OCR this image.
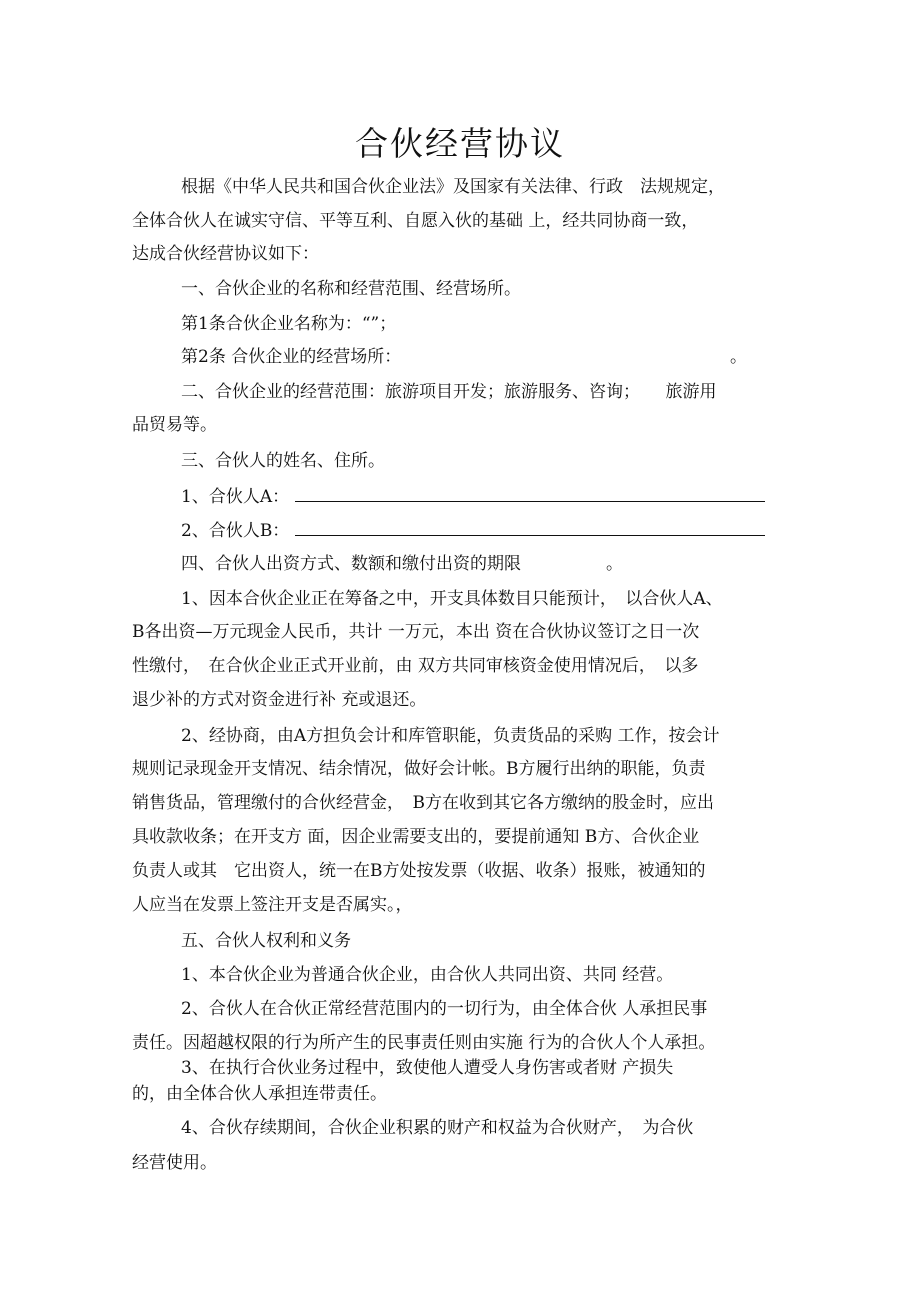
合伙经营协议
根据《中华人民共和国合伙企业法》及国家有关法律、行政　法规规定，
全体合伙人在诚实守信、平等互利、自愿入伙的基础 上，经共同协商一致，
达成合伙经营协议如下：
一、合伙企业的名称和经营范围、经营场所。
第1条合伙企业名称为：“”；
第2条 合伙企业的经营场所：	。
二、合伙企业的经营范围：旅游项目开发；旅游服务、咨询；　　旅游用
品贸易等。
三、合伙人的姓名、住所。
1、合伙人A：
2、合伙人B：
四、合伙人出资方式、数额和缴付出资的期限　　　　　。
1、因本合伙企业正在筹备之中，开支具体数目只能预计，　以合伙人A、
B各出资—万元现金人民币，共计 一万元，本出 资在合伙协议签订之日一次
性缴付，　在合伙企业正式开业前，由 双方共同审核资金使用情况后，　以多
退少补的方式对资金进行补 充或退还。
2、经协商，由A方担负会计和库管职能，负责货品的采购 工作，按会计
规则记录现金开支情况、结余情况，做好会计帐。B方履行出纳的职能，负责
销售货品，管理缴付的合伙经营金，　B方在收到其它各方缴纳的股金时，应出
具收款收条；在开支方 面，因企业需要支出的，要提前通知 B方、合伙企业
负责人或其　它出资人，统一在B方处按发票（收据、收条）报账，被通知的
人应当在发票上签注开支是否属实。，
五、合伙人权利和义务
1、本合伙企业为普通合伙企业，由合伙人共同出资、共同 经营。
2、合伙人在合伙正常经营范围内的一切行为，由全体合伙 人承担民事
责任。因超越权限的行为所产生的民事责任则由实施 行为的合伙人个人承担。
3、在执行合伙业务过程中，致使他人遭受人身伤害或者财 产损失
的，由全体合伙人承担连带责任。
4、合伙存续期间，合伙企业积累的财产和权益为合伙财产，　为合伙
经营使用。
